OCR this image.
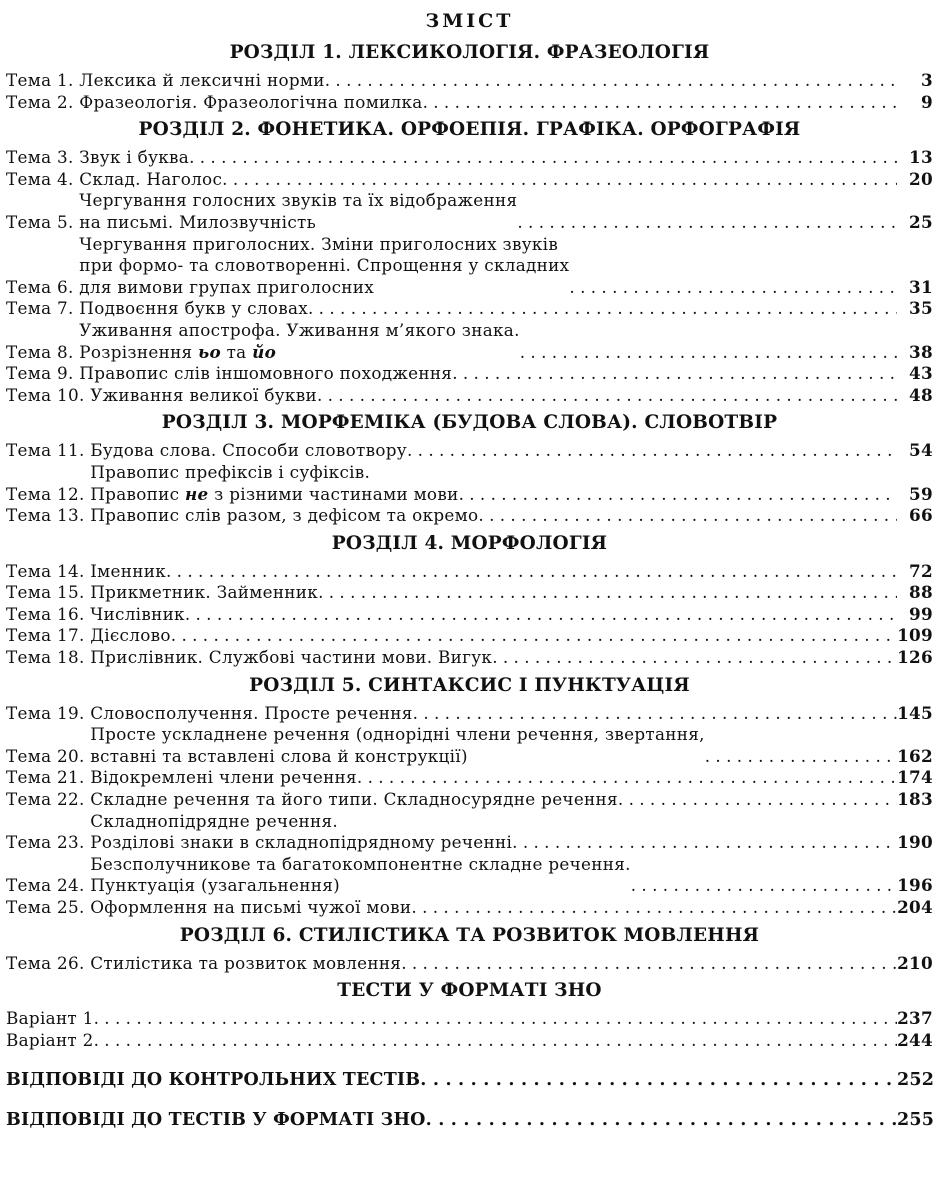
ЗМІСТ
РОЗДІЛ 1. ЛЕКСИКОЛОГІЯ. ФРАЗЕОЛОГІЯ
Тема 1. Лексика й лексичні норми . . .	3
Тема 2. Фразеологія. Фразеологічна помилка . . .	9
РОЗДІЛ 2. ФОНЕТИКА. ОРФОЕПІЯ. ГРАФІКА. ОРФОГРАФІЯ
Тема 3. Звук і буква . . .	13
Тема 4. Склад. Наголос . . .	20
Тема 5.
Чергування голосних звуків та їх відображення
на письмі. Милозвучність . . .	25
Тема 6.
Чергування приголосних. Зміни приголосних звуків
при формо- та словотворенні. Спрощення у складних
для вимови групах приголосних . . .	31
Тема 7. Подвоєння букв у словах . . .	35
Тема 8.
Уживання апострофа. Уживання м’якого знака.
Розрізнення ьо та йо . . .	38
Тема 9. Правопис слів іншомовного походження . . .	43
Тема 10. Уживання великої букви . . .	48
РОЗДІЛ 3. МОРФЕМІКА (БУДОВА СЛОВА). СЛОВОТВІР
Тема 11. Будова слова. Способи словотвору . . .	54
Тема 12.
Правопис префіксів і суфіксів.
Правопис не з різними частинами мови . . .	59
Тема 13. Правопис слів разом, з дефісом та окремо . . .	66
РОЗДІЛ 4. МОРФОЛОГІЯ
Тема 14. Іменник . . .	72
Тема 15. Прикметник. Займенник . . .	88
Тема 16. Числівник . . .	99
Тема 17. Дієслово . . .	109
Тема 18. Прислівник. Службові частини мови. Вигук . . .	126
РОЗДІЛ 5. СИНТАКСИС І ПУНКТУАЦІЯ
Тема 19. Словосполучення. Просте речення . . .	145
Тема 20.
Просте ускладнене речення (однорідні члени речення, звертання,
вставні та вставлені слова й конструкції) . . .	162
Тема 21. Відокремлені члени речення . . .	174
Тема 22. Складне речення та його типи. Складносурядне речення . . .	183
Тема 23.
Складнопідрядне речення.
Розділові знаки в складнопідрядному реченні . . .	190
Тема 24.
Безсполучникове та багатокомпонентне складне речення.
Пунктуація (узагальнення) . . .	196
Тема 25. Оформлення на письмі чужої мови . . .	204
РОЗДІЛ 6. СТИЛІСТИКА ТА РОЗВИТОК МОВЛЕННЯ
Тема 26. Стилістика та розвиток мовлення . . .	210
ТЕСТИ У ФОРМАТІ ЗНО
Варіант 1 . . .	237
Варіант 2 . . .	244
ВІДПОВІДІ ДО КОНТРОЛЬНИХ ТЕСТІВ . . .	252
ВІДПОВІДІ ДО ТЕСТІВ У ФОРМАТІ ЗНО . . .	255
